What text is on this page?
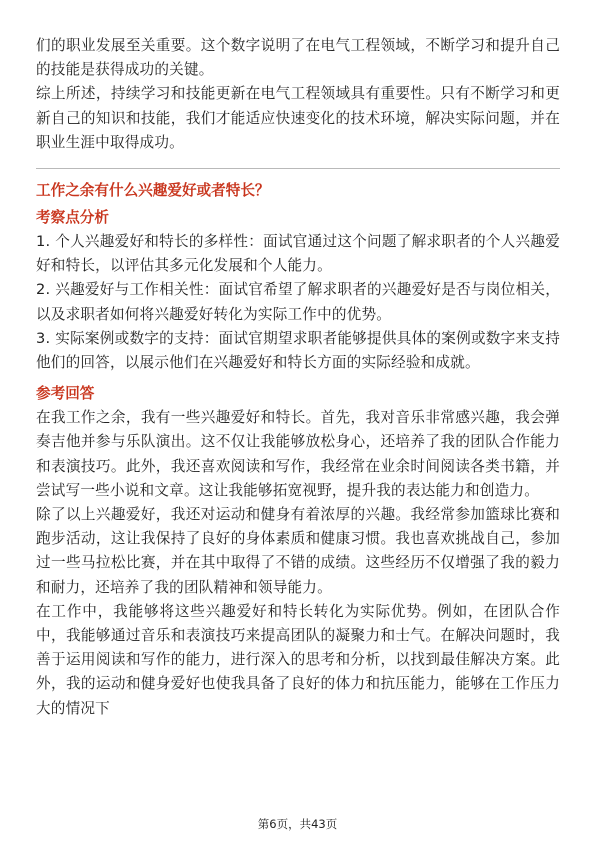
们的职业发展至关重要。这个数字说明了在电气工程领域，不断学习和提升自己的技能是获得成功的关键。

综上所述，持续学习和技能更新在电气工程领域具有重要性。只有不断学习和更新自己的知识和技能，我们才能适应快速变化的技术环境，解决实际问题，并在职业生涯中取得成功。

工作之余有什么兴趣爱好或者特长？
考察点分析

1. 个人兴趣爱好和特长的多样性：面试官通过这个问题了解求职者的个人兴趣爱好和特长，以评估其多元化发展和个人能力。

2. 兴趣爱好与工作相关性：面试官希望了解求职者的兴趣爱好是否与岗位相关，以及求职者如何将兴趣爱好转化为实际工作中的优势。

3. 实际案例或数字的支持：面试官期望求职者能够提供具体的案例或数字来支持他们的回答，以展示他们在兴趣爱好和特长方面的实际经验和成就。

参考回答

在我工作之余，我有一些兴趣爱好和特长。首先，我对音乐非常感兴趣，我会弹奏吉他并参与乐队演出。这不仅让我能够放松身心，还培养了我的团队合作能力和表演技巧。此外，我还喜欢阅读和写作，我经常在业余时间阅读各类书籍，并尝试写一些小说和文章。这让我能够拓宽视野，提升我的表达能力和创造力。

除了以上兴趣爱好，我还对运动和健身有着浓厚的兴趣。我经常参加篮球比赛和跑步活动，这让我保持了良好的身体素质和健康习惯。我也喜欢挑战自己，参加过一些马拉松比赛，并在其中取得了不错的成绩。这些经历不仅增强了我的毅力和耐力，还培养了我的团队精神和领导能力。

在工作中，我能够将这些兴趣爱好和特长转化为实际优势。例如，在团队合作中，我能够通过音乐和表演技巧来提高团队的凝聚力和士气。在解决问题时，我善于运用阅读和写作的能力，进行深入的思考和分析，以找到最佳解决方案。此外，我的运动和健身爱好也使我具备了良好的体力和抗压能力，能够在工作压力大的情况下

第6页，共43页
